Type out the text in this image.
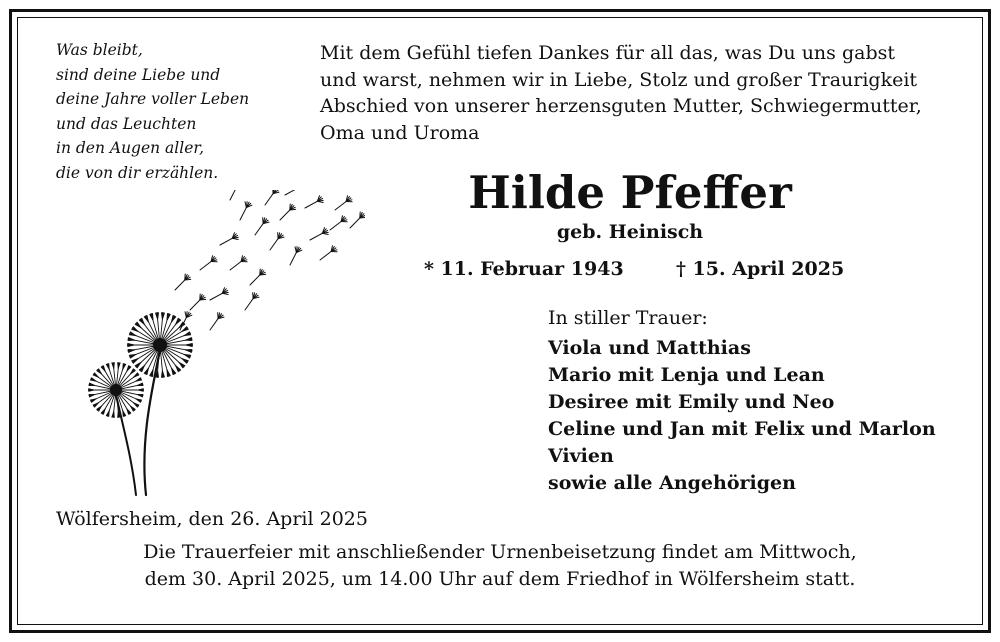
Was bleibt,
sind deine Liebe und
deine Jahre voller Leben
und das Leuchten
in den Augen aller,
die von dir erzählen.
Mit dem Gefühl tiefen Dankes für all das, was Du uns gabst
und warst, nehmen wir in Liebe, Stolz und großer Traurigkeit
Abschied von unserer herzensguten Mutter, Schwiegermutter,
Oma und Uroma
Hilde Pfeffer
geb. Heinisch
* 11. Februar 1943	† 15. April 2025
In stiller Trauer:
Viola und Matthias
Mario mit Lenja und Lean
Desiree mit Emily und Neo
Celine und Jan mit Felix und Marlon
Vivien
sowie alle Angehörigen
Wölfersheim, den 26. April 2025
Die Trauerfeier mit anschließender Urnenbeisetzung findet am Mittwoch,
dem 30. April 2025, um 14.00 Uhr auf dem Friedhof in Wölfersheim statt.
